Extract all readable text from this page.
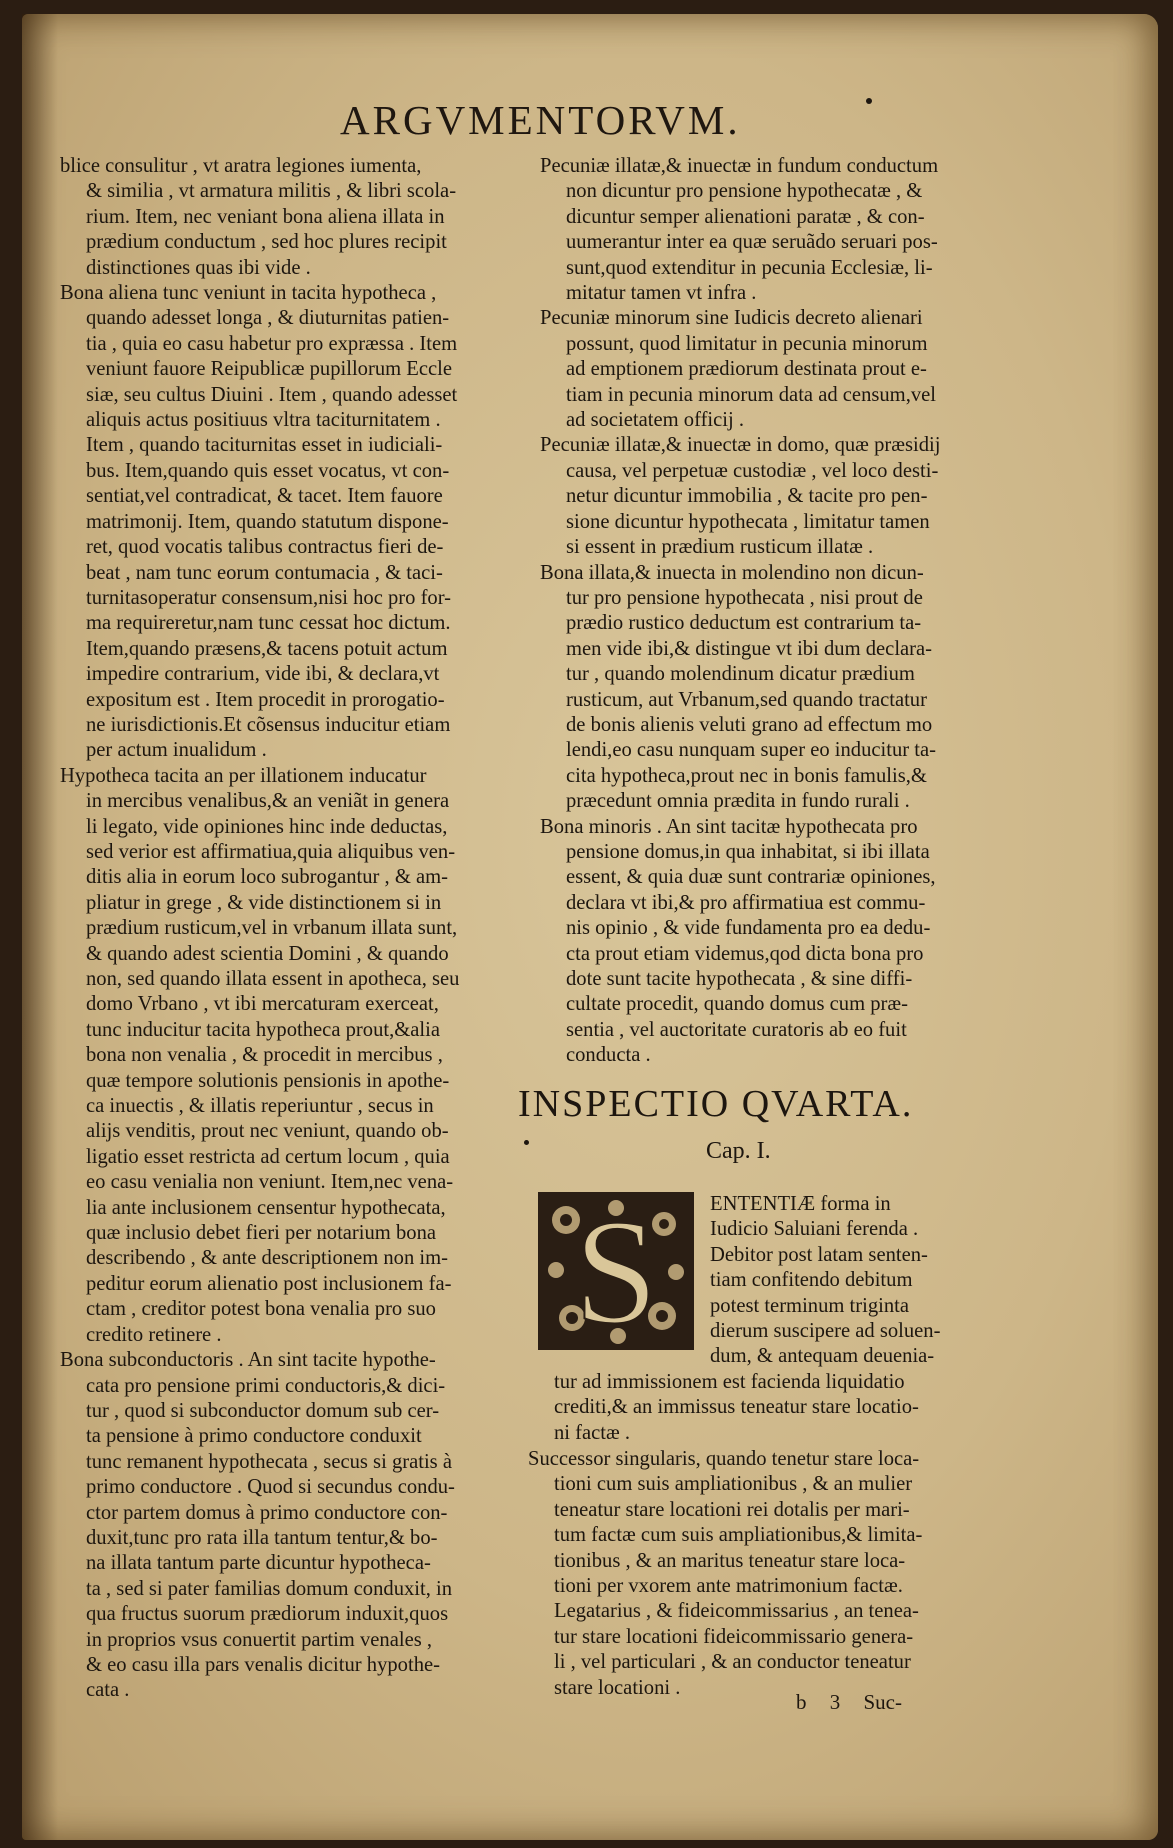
ARGVMENTORVM.
blice consulitur , vt aratra legiones iumenta,
& similia , vt armatura militis , & libri scola-
rium. Item, nec veniant bona aliena illata in
prædium conductum , sed hoc plures recipit
distinctiones quas ibi vide .
Bona aliena tunc veniunt in tacita hypotheca ,
quando adesset longa , & diuturnitas patien-
tia , quia eo casu habetur pro expræssa . Item
veniunt fauore Reipublicæ pupillorum Eccle
siæ, seu cultus Diuini . Item , quando adesset
aliquis actus positiuus vltra taciturnitatem .
Item , quando taciturnitas esset in iudiciali-
bus. Item,quando quis esset vocatus, vt con-
sentiat,vel contradicat, & tacet. Item fauore
matrimonij. Item, quando statutum dispone-
ret, quod vocatis talibus contractus fieri de-
beat , nam tunc eorum contumacia , & taci-
turnitasoperatur consensum,nisi hoc pro for-
ma requireretur,nam tunc cessat hoc dictum.
Item,quando præsens,& tacens potuit actum
impedire contrarium, vide ibi, & declara,vt
expositum est . Item procedit in prorogatio-
ne iurisdictionis.Et cõsensus inducitur etiam
per actum inualidum .
Hypotheca tacita an per illationem inducatur
in mercibus venalibus,& an veniãt in genera
li legato, vide opiniones hinc inde deductas,
sed verior est affirmatiua,quia aliquibus ven-
ditis alia in eorum loco subrogantur , & am-
pliatur in grege , & vide distinctionem si in
prædium rusticum,vel in vrbanum illata sunt,
& quando adest scientia Domini , & quando
non, sed quando illata essent in apotheca, seu
domo Vrbano , vt ibi mercaturam exerceat,
tunc inducitur tacita hypotheca prout,&alia
bona non venalia , & procedit in mercibus ,
quæ tempore solutionis pensionis in apothe-
ca inuectis , & illatis reperiuntur , secus in
alijs venditis, prout nec veniunt, quando ob-
ligatio esset restricta ad certum locum , quia
eo casu venialia non veniunt. Item,nec vena-
lia ante inclusionem censentur hypothecata,
quæ inclusio debet fieri per notarium bona
describendo , & ante descriptionem non im-
peditur eorum alienatio post inclusionem fa-
ctam , creditor potest bona venalia pro suo
credito retinere .
Bona subconductoris . An sint tacite hypothe-
cata pro pensione primi conductoris,& dici-
tur , quod si subconductor domum sub cer-
ta pensione à primo conductore conduxit
tunc remanent hypothecata , secus si gratis à
primo conductore . Quod si secundus condu-
ctor partem domus à primo conductore con-
duxit,tunc pro rata illa tantum tentur,& bo-
na illata tantum parte dicuntur hypotheca-
ta , sed si pater familias domum conduxit, in
qua fructus suorum prædiorum induxit,quos
in proprios vsus conuertit partim venales ,
& eo casu illa pars venalis dicitur hypothe-
cata .
Pecuniæ illatæ,& inuectæ in fundum conductum
non dicuntur pro pensione hypothecatæ , &
dicuntur semper alienationi paratæ , & con-
uumerantur inter ea quæ seruãdo seruari pos-
sunt,quod extenditur in pecunia Ecclesiæ, li-
mitatur tamen vt infra .
Pecuniæ minorum sine Iudicis decreto alienari
possunt, quod limitatur in pecunia minorum
ad emptionem prædiorum destinata prout e-
tiam in pecunia minorum data ad censum,vel
ad societatem officij .
Pecuniæ illatæ,& inuectæ in domo, quæ præsidij
causa, vel perpetuæ custodiæ , vel loco desti-
netur dicuntur immobilia , & tacite pro pen-
sione dicuntur hypothecata , limitatur tamen
si essent in prædium rusticum illatæ .
Bona illata,& inuecta in molendino non dicun-
tur pro pensione hypothecata , nisi prout de
prædio rustico deductum est contrarium ta-
men vide ibi,& distingue vt ibi dum declara-
tur , quando molendinum dicatur prædium
rusticum, aut Vrbanum,sed quando tractatur
de bonis alienis veluti grano ad effectum mo
lendi,eo casu nunquam super eo inducitur ta-
cita hypotheca,prout nec in bonis famulis,&
præcedunt omnia prædita in fundo rurali .
Bona minoris . An sint tacitæ hypothecata pro
pensione domus,in qua inhabitat, si ibi illata
essent, & quia duæ sunt contrariæ opiniones,
declara vt ibi,& pro affirmatiua est commu-
nis opinio , & vide fundamenta pro ea dedu-
cta prout etiam videmus,qod dicta bona pro
dote sunt tacite hypothecata , & sine diffi-
cultate procedit, quando domus cum præ-
sentia , vel auctoritate curatoris ab eo fuit
conducta .
INSPECTIO QVARTA.
Cap. I.
S	ENTENTIÆ forma in
Iudicio Saluiani ferenda .
Debitor post latam senten-
tiam confitendo debitum
potest terminum triginta
dierum suscipere ad soluen-
dum, & antequam deuenia-
tur ad immissionem est facienda liquidatio
crediti,& an immissus teneatur stare locatio-
ni factæ .
Successor singularis, quando tenetur stare loca-
tioni cum suis ampliationibus , & an mulier
teneatur stare locationi rei dotalis per mari-
tum factæ cum suis ampliationibus,& limita-
tionibus , & an maritus teneatur stare loca-
tioni per vxorem ante matrimonium factæ.
Legatarius , & fideicommissarius , an tenea-
tur stare locationi fideicommissario genera-
li , vel particulari , & an conductor teneatur
stare locationi .
b 3 Suc-
